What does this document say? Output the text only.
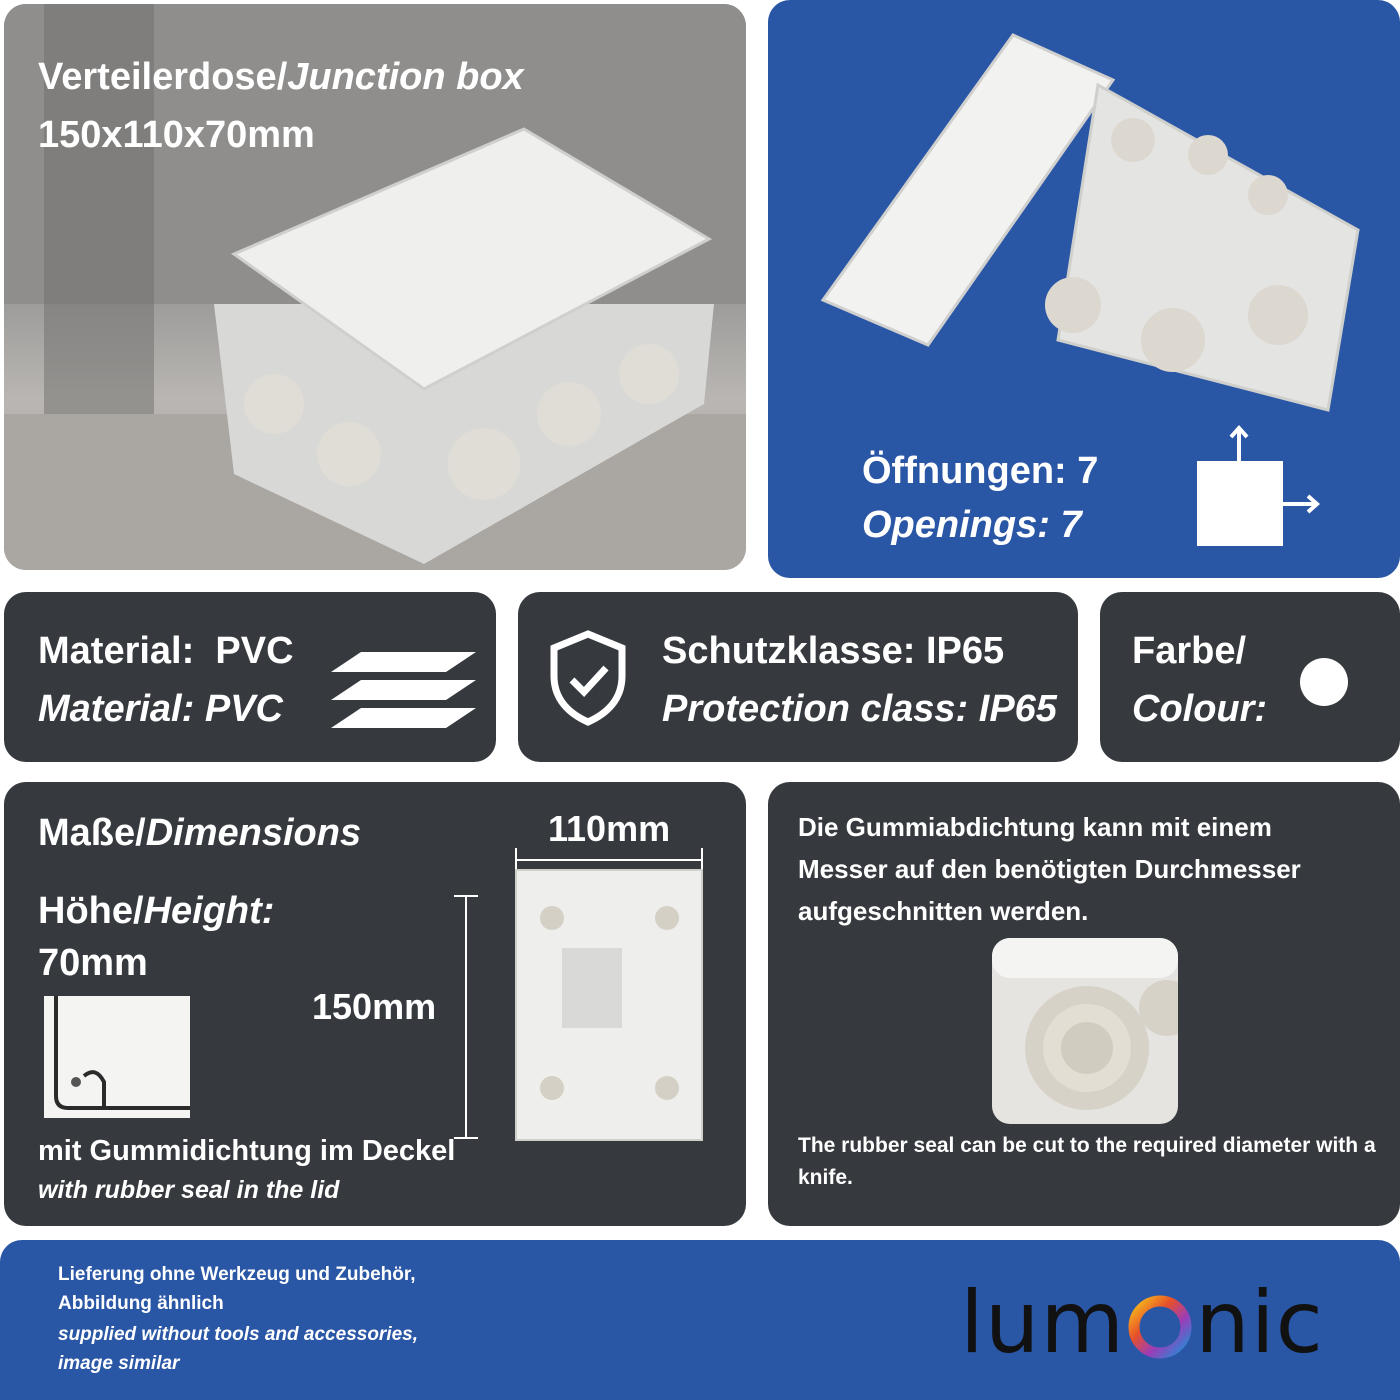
Verteilerdose/Junction box
150x110x70mm
Öffnungen: 7
Openings: 7
Material:  PVC
Material: PVC
Schutzklasse: IP65
Protection class: IP65
Farbe/
Colour:
Maße/Dimensions
Höhe/Height:
70mm
110mm
150mm
mit Gummidichtung im Deckel
with rubber seal in the lid
Die Gummiabdichtung kann mit einem Messer auf den benötigten Durchmesser aufgeschnitten werden.
The rubber seal can be cut to the required diameter with a knife.
Lieferung ohne Werkzeug und Zubehör,
Abbildung ähnlich
supplied without tools and accessories,
image similar	lum nic
